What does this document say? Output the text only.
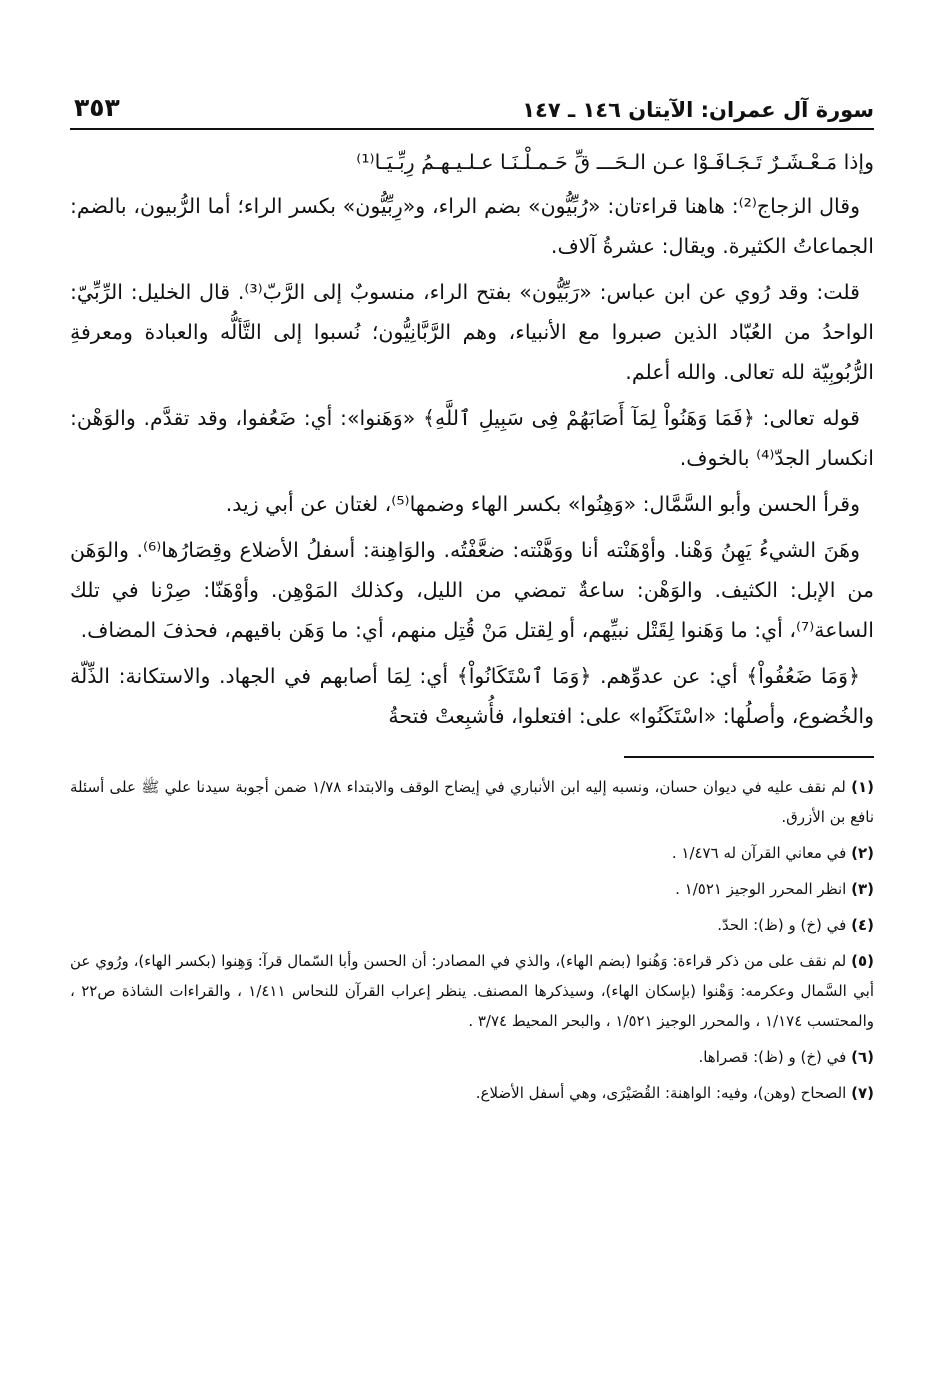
سورة آل عمران: الآيتان ١٤٦ ـ ١٤٧
٣٥٣

وإذا مَـعْـشَـرٌ تَـجَـافَـوْا عـن الـحَـــ قِّ حَـمـلْـنَـا عـلـيـهـمُ رِبِّـيَـا⁽¹⁾

وقال الزجاج⁽²⁾: هاهنا قراءتان: «رُبِّيُّون» بضم الراء، و«رِبِّيُّون» بكسر الراء؛ أما الرُّبيون، بالضم: الجماعاتُ الكثيرة. ويقال: عشرةُ آلاف.

قلت: وقد رُوي عن ابن عباس: «رَبِّيُّون» بفتح الراء، منسوبٌ إلى الرَّبّ⁽³⁾. قال الخليل: الرِّبِّيّ: الواحدُ من العُبّاد الذين صبروا مع الأنبياء، وهم الرَّبَّانِيُّون؛ نُسبوا إلى التَّألُّه والعبادة ومعرفةِ الرُّبُوبِيّة لله تعالى. والله أعلم.

قوله تعالى: ﴿فَمَا وَهَنُواْ لِمَآ أَصَابَهُمْ فِى سَبِيلِ ٱللَّهِ﴾ «وَهَنوا»: أي: ضَعُفوا، وقد تقدَّم. والوَهْن: انكسار الجدّ⁽⁴⁾ بالخوف.

وقرأ الحسن وأبو السَّمَّال: «وَهِنُوا» بكسر الهاء وضمها⁽⁵⁾، لغتان عن أبي زيد.

وهَنَ الشيءُ يَهِنُ وَهْنا. وأوْهَنْته أنا ووَهَّنْته: ضعَّفْتُه. والوَاهِنة: أسفلُ الأضلاع وقِصَارُها⁽⁶⁾. والوَهَن من الإبل: الكثيف. والوَهْن: ساعةٌ تمضي من الليل، وكذلك المَوْهِن. وأوْهَنّا: صِرْنا في تلك الساعة⁽⁷⁾، أي: ما وَهَنوا لِقَتْل نبيِّهم، أو لِقتل مَنْ قُتِل منهم، أي: ما وَهَن باقيهم، فحذفَ المضاف.

﴿وَمَا ضَعُفُواْ﴾ أي: عن عدوِّهم. ﴿وَمَا ٱسْتَكَانُواْ﴾ أي: لِمَا أصابهم في الجهاد. والاستكانة: الذِّلّة والخُضوع، وأصلُها: «اسْتَكَنُوا» على: افتعلوا، فأُشبِعتْ فتحةُ

(١) لم نقف عليه في ديوان حسان، ونسبه إليه ابن الأنباري في إيضاح الوقف والابتداء ١/٧٨ ضمن أجوبة سيدنا علي ﷺ على أسئلة نافع بن الأزرق.
(٢) في معاني القرآن له ١/٤٧٦ .
(٣) انظر المحرر الوجيز ١/٥٢١ .
(٤) في (خ) و (ظ): الحدّ.
(٥) لم نقف على من ذكر قراءة: وَهُنوا (بضم الهاء)، والذي في المصادر: أن الحسن وأبا السّمال قرآ: وَهِنوا (بكسر الهاء)، ورُوي عن أبي السَّمال وعكرمه: وَهْنوا (بإسكان الهاء)، وسيذكرها المصنف. ينظر إعراب القرآن للنحاس ١/٤١١ ، والقراءات الشاذة ص٢٢ ، والمحتسب ١/١٧٤ ، والمحرر الوجيز ١/٥٢١ ، والبحر المحيط ٣/٧٤ .
(٦) في (خ) و (ظ): قصراها.
(٧) الصحاح (وهن)، وفيه: الواهنة: القُصَيْرَى، وهي أسفل الأضلاع.
